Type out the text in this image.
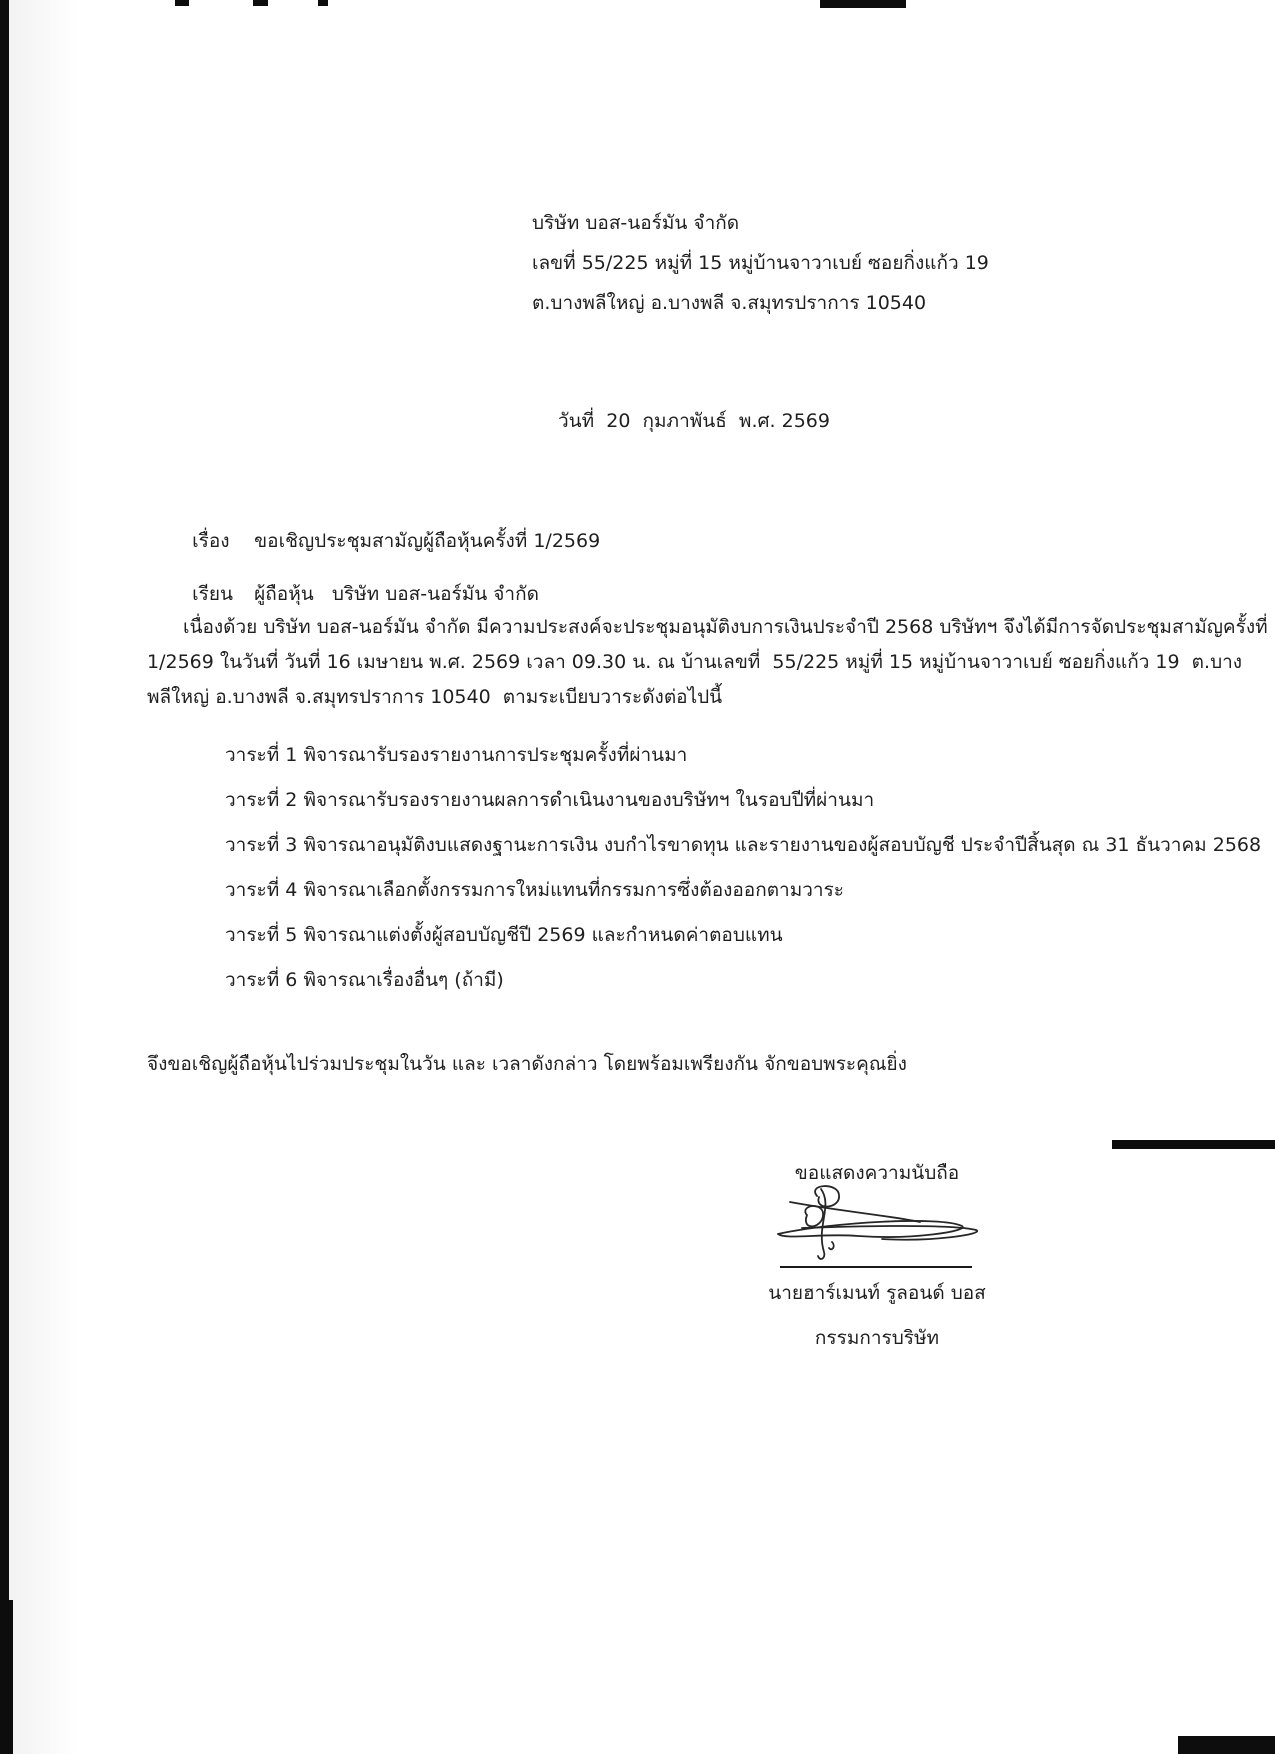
บริษัท บอส-นอร์มัน จำกัด
เลขที่ 55/225 หมู่ที่ 15 หมู่บ้านจาวาเบย์ ซอยกิ่งแก้ว 19
ต.บางพลีใหญ่ อ.บางพลี จ.สมุทรปราการ 10540
วันที่  20  กุมภาพันธ์  พ.ศ. 2569

เรื่อง ขอเชิญประชุมสามัญผู้ถือหุ้นครั้งที่ 1/2569

เรียน ผู้ถือหุ้น   บริษัท บอส-นอร์มัน จำกัด

เนื่องด้วย บริษัท บอส-นอร์มัน จำกัด มีความประสงค์จะประชุมอนุมัติงบการเงินประจำปี 2568 บริษัทฯ จึงได้มีการจัดประชุมสามัญครั้งที่
1/2569 ในวันที่ วันที่ 16 เมษายน พ.ศ. 2569 เวลา 09.30 น. ณ บ้านเลขที่  55/225 หมู่ที่ 15 หมู่บ้านจาวาเบย์ ซอยกิ่งแก้ว 19  ต.บาง
พลีใหญ่ อ.บางพลี จ.สมุทรปราการ 10540  ตามระเบียบวาระดังต่อไปนี้
วาระที่ 1 พิจารณารับรองรายงานการประชุมครั้งที่ผ่านมา
วาระที่ 2 พิจารณารับรองรายงานผลการดำเนินงานของบริษัทฯ ในรอบปีที่ผ่านมา
วาระที่ 3 พิจารณาอนุมัติงบแสดงฐานะการเงิน งบกำไรขาดทุน และรายงานของผู้สอบบัญชี ประจำปีสิ้นสุด ณ 31 ธันวาคม 2568
วาระที่ 4 พิจารณาเลือกตั้งกรรมการใหม่แทนที่กรรมการซึ่งต้องออกตามวาระ
วาระที่ 5 พิจารณาแต่งตั้งผู้สอบบัญชีปี 2569 และกำหนดค่าตอบแทน
วาระที่ 6 พิจารณาเรื่องอื่นๆ (ถ้ามี)
จึงขอเชิญผู้ถือหุ้นไปร่วมประชุมในวัน และ เวลาดังกล่าว โดยพร้อมเพรียงกัน จักขอบพระคุณยิ่ง
ขอแสดงความนับถือ
นายฮาร์เมนท์ รูลอนด์ บอส
กรรมการบริษัท
